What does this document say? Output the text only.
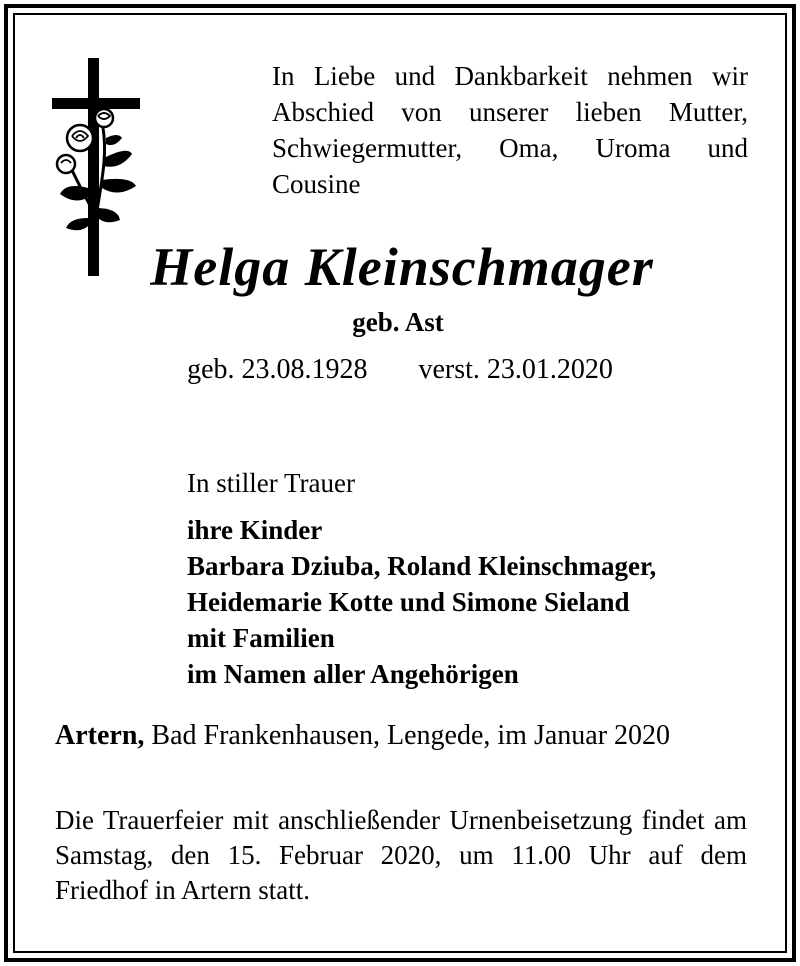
In Liebe und Dankbarkeit nehmen wir Abschied von unserer lieben Mutter, Schwiegermutter, Oma, Uroma und Cousine
Helga Kleinschmager
geb. Ast
geb. 23.08.1928 verst. 23.01.2020
In stiller Trauer
ihre Kinder
Barbara Dziuba, Roland Kleinschmager,
Heidemarie Kotte und Simone Sieland
mit Familien
im Namen aller Angehörigen
Artern, Bad Frankenhausen, Lengede, im Januar 2020
Die Trauerfeier mit anschließender Urnenbeisetzung findet am Samstag, den 15. Februar 2020, um 11.00 Uhr auf dem Friedhof in Artern statt.
